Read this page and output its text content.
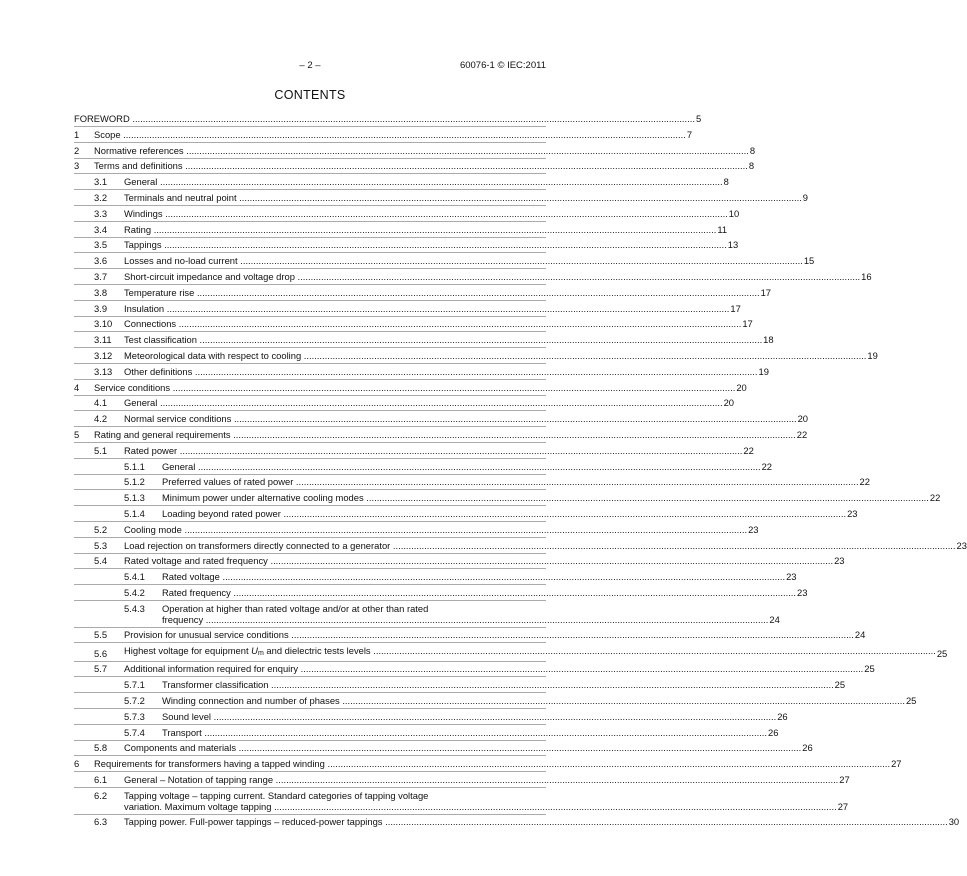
– 2 –	60076-1 © IEC:2011
CONTENTS
FOREWORD .....	5
1	Scope .....	7
2	Normative references .....	8
3	Terms and definitions .....	8
3.1	General .....	8
3.2	Terminals and neutral point .....	9
3.3	Windings .....	10
3.4	Rating .....	11
3.5	Tappings .....	13
3.6	Losses and no-load current .....	15
3.7	Short-circuit impedance and voltage drop .....	16
3.8	Temperature rise .....	17
3.9	Insulation .....	17
3.10	Connections .....	17
3.11	Test classification .....	18
3.12	Meteorological data with respect to cooling .....	19
3.13	Other definitions .....	19
4	Service conditions .....	20
4.1	General .....	20
4.2	Normal service conditions .....	20
5	Rating and general requirements .....	22
5.1	Rated power .....	22
5.1.1	General .....	22
5.1.2	Preferred values of rated power .....	22
5.1.3	Minimum power under alternative cooling modes .....	22
5.1.4	Loading beyond rated power .....	23
5.2	Cooling mode .....	23
5.3	Load rejection on transformers directly connected to a generator .....	23
5.4	Rated voltage and rated frequency .....	23
5.4.1	Rated voltage .....	23
5.4.2	Rated frequency .....	23
5.4.3	Operation at higher than rated voltage and/or at other than rated
frequency .....	24
5.5	Provision for unusual service conditions .....	24
5.6	Highest voltage for equipment $U_m$ and dielectric tests levels .....	25
5.7	Additional information required for enquiry .....	25
5.7.1	Transformer classification .....	25
5.7.2	Winding connection and number of phases .....	25
5.7.3	Sound level .....	26
5.7.4	Transport .....	26
5.8	Components and materials .....	26
6	Requirements for transformers having a tapped winding .....	27
6.1	General – Notation of tapping range .....	27
6.2	Tapping voltage – tapping current. Standard categories of tapping voltage
variation. Maximum voltage tapping .....	27
6.3	Tapping power. Full-power tappings – reduced-power tappings .....	30
